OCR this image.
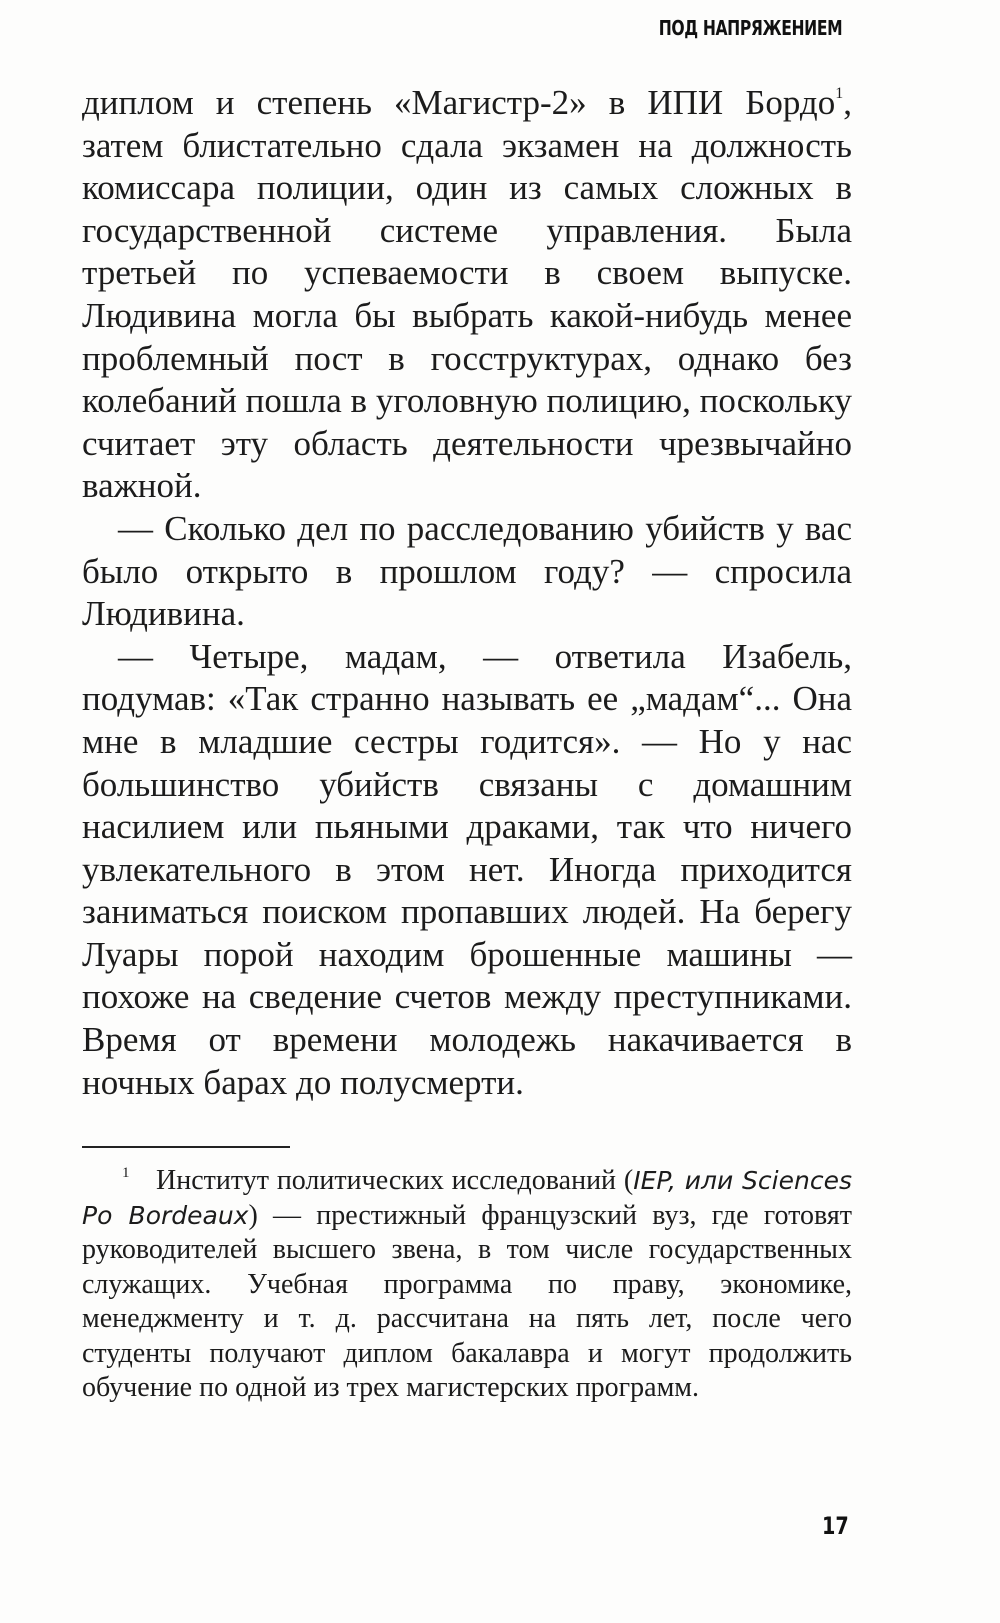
ПОД НАПРЯЖЕНИЕМ

диплом и степень «Магистр-2» в ИПИ Бордо$^1$, затем блистательно сдала экзамен на должность комиссара полиции, один из самых сложных в государственной системе управления. Была третьей по успеваемости в своем выпуске. Людивина могла бы выбрать какой-нибудь менее проблемный пост в госструктурах, однако без колебаний пошла в уголовную полицию, поскольку считает эту область деятельности чрезвычайно важной.

— Сколько дел по расследованию убийств у вас было открыто в прошлом году? — спросила Людивина.

— Четыре, мадам, — ответила Изабель, подумав: «Так странно называть ее „мадам“... Она мне в младшие сестры годится». — Но у нас большинство убийств связаны с домашним насилием или пьяными драками, так что ничего увлекательного в этом нет. Иногда приходится заниматься поиском пропавших людей. На берегу Луары порой находим брошенные машины — похоже на сведение счетов между преступниками. Время от времени молодежь накачивается в ночных барах до полусмерти.

1 Институт политических исследований (IEP, или Sciences Po Bordeaux) — престижный французский вуз, где готовят руководителей высшего звена, в том числе государственных служащих. Учебная программа по праву, экономике, менеджменту и т. д. рассчитана на пять лет, после чего студенты получают диплом бакалавра и могут продолжить обучение по одной из трех магистерских программ.

17
